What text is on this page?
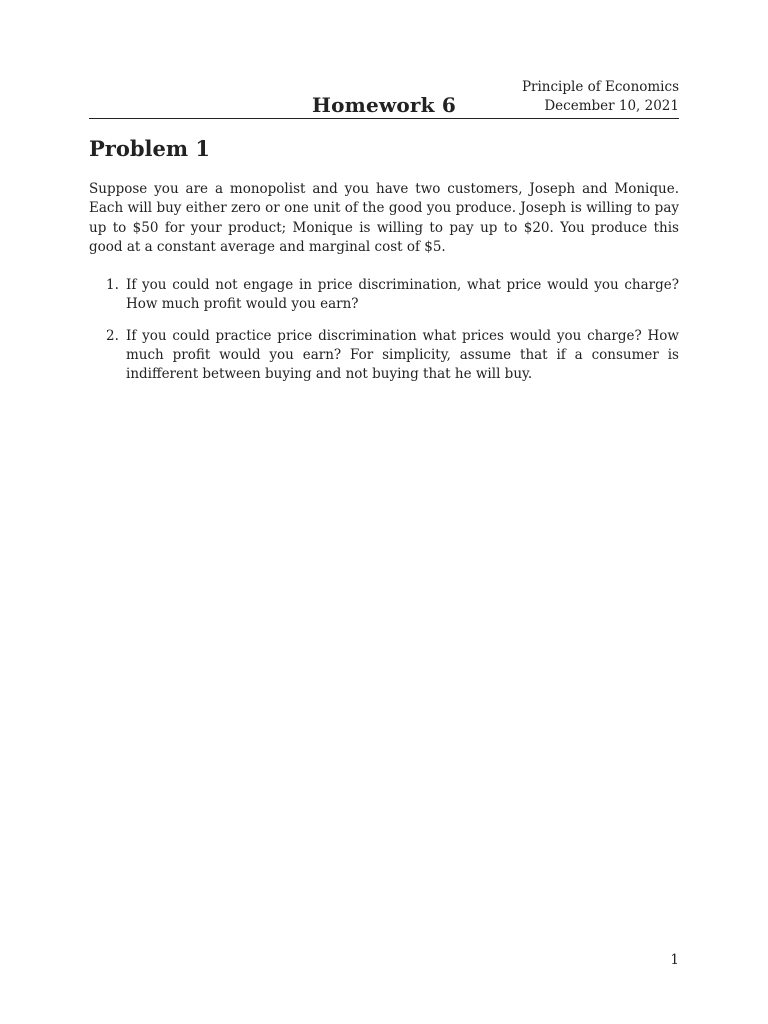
Homework 6
Principle of Economics
December 10, 2021
Problem 1

Suppose you are a monopolist and you have two customers, Joseph and Monique. Each will buy either zero or one unit of the good you produce. Joseph is willing to pay up to $50 for your product; Monique is willing to pay up to $20. You produce this good at a constant average and marginal cost of $5.

1. If you could not engage in price discrimination, what price would you charge? How much profit would you earn?
2. If you could practice price discrimination what prices would you charge? How much profit would you earn? For simplicity, assume that if a consumer is indifferent between buying and not buying that he will buy.
1
